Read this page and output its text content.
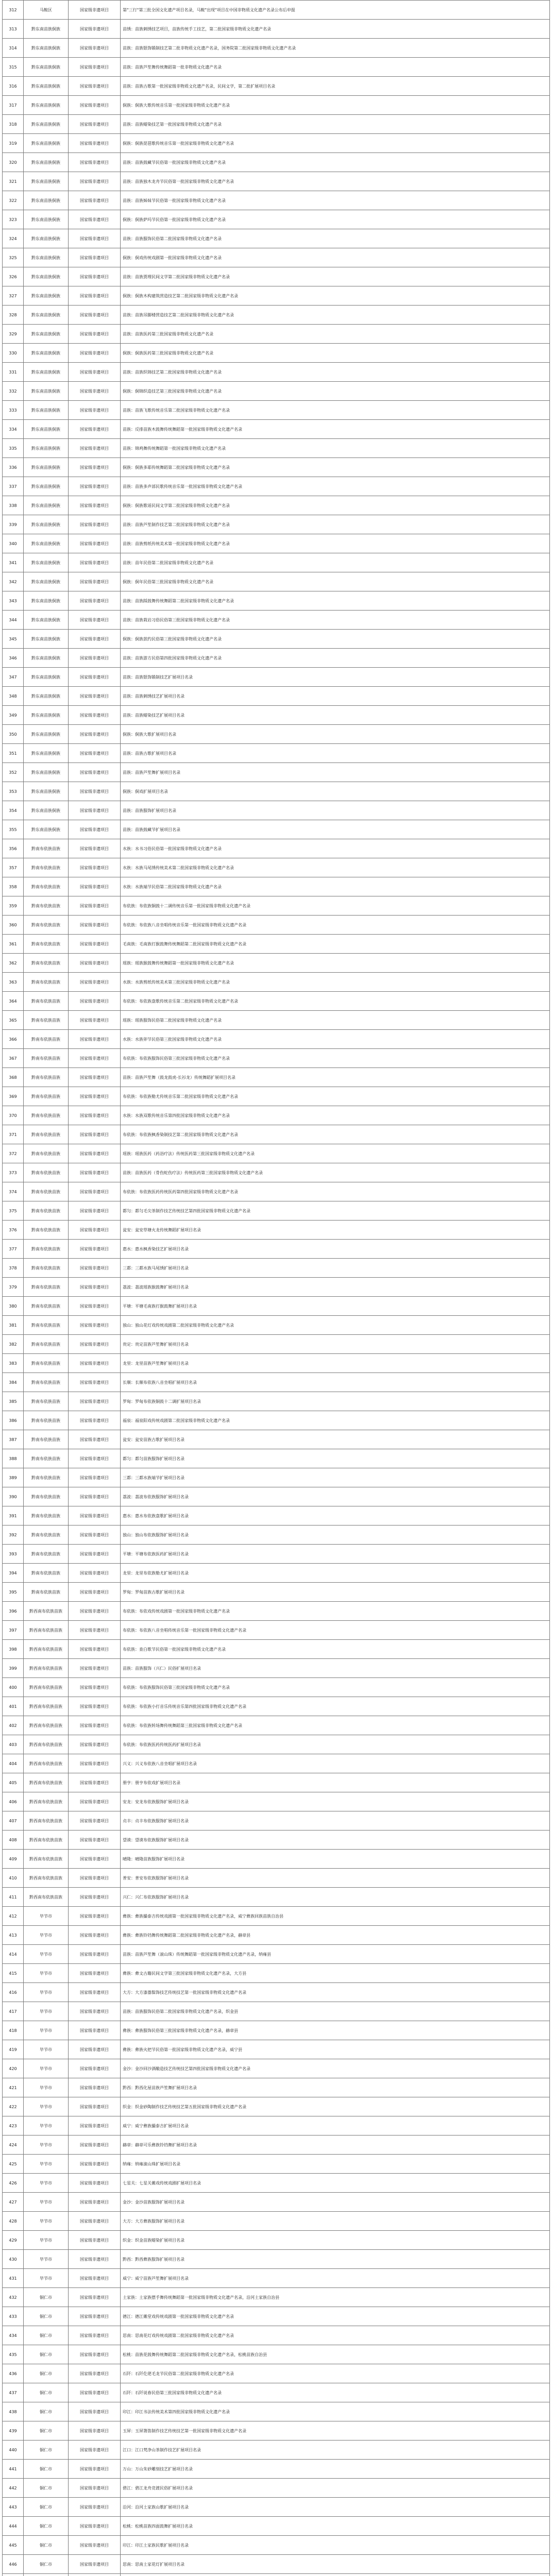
312	马鞍区	国家级非遗项目	第"三行"第三批全国文化遗产项目名录，马鞍"出现"项目在中国非物质文化遗产名录公布后申报
313	黔东南苗族侗族	国家级非遗项目	苗绣：苗族刺绣技艺项目，苗族传统手工技艺，第二批国家级非物质文化遗产名录
314	黔东南苗族侗族	国家级非遗项目	苗族：苗族银饰锻制技艺第二批非物质文化遗产名录，国务院第二批国家级非物质文化遗产名录
315	黔东南苗族侗族	国家级非遗项目	苗族：苗族芦笙舞传统舞蹈第一批非物质文化遗产名录
316	黔东南苗族侗族	国家级非遗项目	苗族：苗族古歌第一批国家级非物质文化遗产名录，民间文学，第二批扩展项目名录
317	黔东南苗族侗族	国家级非遗项目	侗族：侗族大歌传统音乐第一批国家级非物质文化遗产名录
318	黔东南苗族侗族	国家级非遗项目	苗族：苗族蜡染技艺第一批国家级非物质文化遗产名录
319	黔东南苗族侗族	国家级非遗项目	侗族：侗族琵琶歌传统音乐第一批国家级非物质文化遗产名录
320	黔东南苗族侗族	国家级非遗项目	苗族：苗族鼓藏节民俗第一批国家级非物质文化遗产名录
321	黔东南苗族侗族	国家级非遗项目	苗族：苗族独木龙舟节民俗第一批国家级非物质文化遗产名录
322	黔东南苗族侗族	国家级非遗项目	苗族：苗族姊妹节民俗第一批国家级非物质文化遗产名录
323	黔东南苗族侗族	国家级非遗项目	侗族：侗族萨玛节民俗第一批国家级非物质文化遗产名录
324	黔东南苗族侗族	国家级非遗项目	苗族：苗族服饰民俗第二批国家级非物质文化遗产名录
325	黔东南苗族侗族	国家级非遗项目	侗族：侗戏传统戏剧第一批国家级非物质文化遗产名录
326	黔东南苗族侗族	国家级非遗项目	苗族：苗族贾理民间文学第二批国家级非物质文化遗产名录
327	黔东南苗族侗族	国家级非遗项目	侗族：侗族木构建筑营造技艺第二批国家级非物质文化遗产名录
328	黔东南苗族侗族	国家级非遗项目	苗族：苗族吊脚楼营造技艺第二批国家级非物质文化遗产名录
329	黔东南苗族侗族	国家级非遗项目	苗族：苗族医药第三批国家级非物质文化遗产名录
330	黔东南苗族侗族	国家级非遗项目	侗族：侗族医药第三批国家级非物质文化遗产名录
331	黔东南苗族侗族	国家级非遗项目	苗族：苗族织锦技艺第二批国家级非物质文化遗产名录
332	黔东南苗族侗族	国家级非遗项目	侗族：侗锦织造技艺第三批国家级非物质文化遗产名录
333	黔东南苗族侗族	国家级非遗项目	苗族：苗族飞歌传统音乐第二批国家级非物质文化遗产名录
334	黔东南苗族侗族	国家级非遗项目	苗族：反排苗族木鼓舞传统舞蹈第一批国家级非物质文化遗产名录
335	黔东南苗族侗族	国家级非遗项目	苗族：锦鸡舞传统舞蹈第一批国家级非物质文化遗产名录
336	黔东南苗族侗族	国家级非遗项目	侗族：侗族多耶传统舞蹈第二批国家级非物质文化遗产名录
337	黔东南苗族侗族	国家级非遗项目	苗族：苗族多声部民歌传统音乐第一批国家级非物质文化遗产名录
338	黔东南苗族侗族	国家级非遗项目	侗族：侗族歌谣民间文学第二批国家级非物质文化遗产名录
339	黔东南苗族侗族	国家级非遗项目	苗族：苗族芦笙制作技艺第二批国家级非物质文化遗产名录
340	黔东南苗族侗族	国家级非遗项目	苗族：苗族剪纸传统美术第一批国家级非物质文化遗产名录
341	黔东南苗族侗族	国家级非遗项目	苗族：苗年民俗第二批国家级非物质文化遗产名录
342	黔东南苗族侗族	国家级非遗项目	侗族：侗年民俗第三批国家级非物质文化遗产名录
343	黔东南苗族侗族	国家级非遗项目	苗族：苗族踩鼓舞传统舞蹈第二批国家级非物质文化遗产名录
344	黔东南苗族侗族	国家级非遗项目	苗族：苗族栽岩习俗民俗第三批国家级非物质文化遗产名录
345	黔东南苗族侗族	国家级非遗项目	侗族：侗族款约民俗第三批国家级非物质文化遗产名录
346	黔东南苗族侗族	国家级非遗项目	苗族：苗族游方民俗第四批国家级非物质文化遗产名录
347	黔东南苗族侗族	国家级非遗项目	苗族：苗族银饰锻制技艺扩展项目名录
348	黔东南苗族侗族	国家级非遗项目	苗族：苗族刺绣技艺扩展项目名录
349	黔东南苗族侗族	国家级非遗项目	苗族：苗族蜡染技艺扩展项目名录
350	黔东南苗族侗族	国家级非遗项目	侗族：侗族大歌扩展项目名录
351	黔东南苗族侗族	国家级非遗项目	苗族：苗族古歌扩展项目名录
352	黔东南苗族侗族	国家级非遗项目	苗族：苗族芦笙舞扩展项目名录
353	黔东南苗族侗族	国家级非遗项目	侗族：侗戏扩展项目名录
354	黔东南苗族侗族	国家级非遗项目	苗族：苗族服饰扩展项目名录
355	黔东南苗族侗族	国家级非遗项目	苗族：苗族鼓藏节扩展项目名录
356	黔南布依族苗族	国家级非遗项目	水族：水书习俗民俗第一批国家级非物质文化遗产名录
357	黔南布依族苗族	国家级非遗项目	水族：水族马尾绣传统美术第二批国家级非物质文化遗产名录
358	黔南布依族苗族	国家级非遗项目	水族：水族端节民俗第二批国家级非物质文化遗产名录
359	黔南布依族苗族	国家级非遗项目	布依族：布依族铜鼓十二调传统音乐第一批国家级非物质文化遗产名录
360	黔南布依族苗族	国家级非遗项目	布依族：布依族八音坐唱传统音乐第一批国家级非物质文化遗产名录
361	黔南布依族苗族	国家级非遗项目	毛南族：毛南族打猴鼓舞传统舞蹈第二批国家级非物质文化遗产名录
362	黔南布依族苗族	国家级非遗项目	瑶族：瑶族猴鼓舞传统舞蹈第一批国家级非物质文化遗产名录
363	黔南布依族苗族	国家级非遗项目	水族：水族剪纸传统美术第三批国家级非物质文化遗产名录
364	黔南布依族苗族	国家级非遗项目	布依族：布依族盘歌传统音乐第二批国家级非物质文化遗产名录
365	黔南布依族苗族	国家级非遗项目	瑶族：瑶族服饰民俗第二批国家级非物质文化遗产名录
366	黔南布依族苗族	国家级非遗项目	水族：水族卯节民俗第三批国家级非物质文化遗产名录
367	黔南布依族苗族	国家级非遗项目	布依族：布依族服饰民俗第三批国家级非物质文化遗产名录
368	黔南布依族苗族	国家级非遗项目	苗族：苗族芦笙舞（鼓龙鼓虎-长衫龙）传统舞蹈扩展项目名录
369	黔南布依族苗族	国家级非遗项目	布依族：布依族勒尤传统音乐第二批国家级非物质文化遗产名录
370	黔南布依族苗族	国家级非遗项目	水族：水族双歌传统音乐第四批国家级非物质文化遗产名录
371	黔南布依族苗族	国家级非遗项目	布依族：布依族枫香染制技艺第二批国家级非物质文化遗产名录
372	黔南布依族苗族	国家级非遗项目	瑶族：瑶族医药（药浴疗法）传统医药第三批国家级非物质文化遗产名录
373	黔南布依族苗族	国家级非遗项目	苗族：苗族医药（骨伤蛇伤疗法）传统医药第三批国家级非物质文化遗产名录
374	黔南布依族苗族	国家级非遗项目	布依族：布依族医药传统医药第四批国家级非物质文化遗产名录
375	黔南布依族苗族	国家级非遗项目	都匀：都匀毛尖茶制作技艺传统技艺第四批国家级非物质文化遗产名录
376	黔南布依族苗族	国家级非遗项目	瓮安：瓮安草塘火龙传统舞蹈扩展项目名录
377	黔南布依族苗族	国家级非遗项目	惠水：惠水枫香染技艺扩展项目名录
378	黔南布依族苗族	国家级非遗项目	三都：三都水族马尾绣扩展项目名录
379	黔南布依族苗族	国家级非遗项目	荔波：荔波瑶族猴鼓舞扩展项目名录
380	黔南布依族苗族	国家级非遗项目	平塘：平塘毛南族打猴鼓舞扩展项目名录
381	黔南布依族苗族	国家级非遗项目	独山：独山花灯戏传统戏剧第二批国家级非物质文化遗产名录
382	黔南布依族苗族	国家级非遗项目	贵定：贵定苗族芦笙舞扩展项目名录
383	黔南布依族苗族	国家级非遗项目	龙里：龙里苗族芦笙舞扩展项目名录
384	黔南布依族苗族	国家级非遗项目	长顺：长顺布依族八音坐唱扩展项目名录
385	黔南布依族苗族	国家级非遗项目	罗甸：罗甸布依族铜鼓十二调扩展项目名录
386	黔南布依族苗族	国家级非遗项目	福泉：福泉阳戏传统戏剧第二批国家级非物质文化遗产名录
387	黔南布依族苗族	国家级非遗项目	瓮安：瓮安苗族古歌扩展项目名录
388	黔南布依族苗族	国家级非遗项目	都匀：都匀苗族服饰扩展项目名录
389	黔南布依族苗族	国家级非遗项目	三都：三都水族端节扩展项目名录
390	黔南布依族苗族	国家级非遗项目	荔波：荔波布依族服饰扩展项目名录
391	黔南布依族苗族	国家级非遗项目	惠水：惠水布依族盘歌扩展项目名录
392	黔南布依族苗族	国家级非遗项目	独山：独山布依族服饰扩展项目名录
393	黔南布依族苗族	国家级非遗项目	平塘：平塘布依族医药扩展项目名录
394	黔南布依族苗族	国家级非遗项目	龙里：龙里布依族勒尤扩展项目名录
395	黔南布依族苗族	国家级非遗项目	罗甸：罗甸苗族古歌扩展项目名录
396	黔西南布依族苗族	国家级非遗项目	布依族：布依戏传统戏剧第一批国家级非物质文化遗产名录
397	黔西南布依族苗族	国家级非遗项目	布依族：布依族八音坐唱传统音乐第一批国家级非物质文化遗产名录
398	黔西南布依族苗族	国家级非遗项目	布依族：查白歌节民俗第一批国家级非物质文化遗产名录
399	黔西南布依族苗族	国家级非遗项目	苗族：苗族服饰（兴仁）民俗扩展项目名录
400	黔西南布依族苗族	国家级非遗项目	布依族：布依族服饰民俗第三批国家级非物质文化遗产名录
401	黔西南布依族苗族	国家级非遗项目	布依族：布依族小打音乐传统音乐第四批国家级非物质文化遗产名录
402	黔西南布依族苗族	国家级非遗项目	布依族：布依族转场舞传统舞蹈第三批国家级非物质文化遗产名录
403	黔西南布依族苗族	国家级非遗项目	布依族：布依族医药传统医药扩展项目名录
404	黔西南布依族苗族	国家级非遗项目	兴义：兴义布依族八音坐唱扩展项目名录
405	黔西南布依族苗族	国家级非遗项目	册亨：册亨布依戏扩展项目名录
406	黔西南布依族苗族	国家级非遗项目	安龙：安龙布依族服饰扩展项目名录
407	黔西南布依族苗族	国家级非遗项目	贞丰：贞丰布依族服饰扩展项目名录
408	黔西南布依族苗族	国家级非遗项目	望谟：望谟布依族服饰扩展项目名录
409	黔西南布依族苗族	国家级非遗项目	晴隆：晴隆苗族服饰扩展项目名录
410	黔西南布依族苗族	国家级非遗项目	普安：普安布依族服饰扩展项目名录
411	黔西南布依族苗族	国家级非遗项目	兴仁：兴仁布依族服饰扩展项目名录
412	毕节市	国家级非遗项目	彝族：彝族撮泰吉传统戏剧第一批国家级非物质文化遗产名录，威宁彝族回族苗族自治县
413	毕节市	国家级非遗项目	彝族：彝族铃铛舞传统舞蹈第二批国家级非物质文化遗产名录，赫章县
414	毕节市	国家级非遗项目	苗族：苗族芦笙舞（滚山珠）传统舞蹈第一批国家级非物质文化遗产名录，纳雍县
415	毕节市	国家级非遗项目	彝族：彝文古籍民间文学第三批国家级非物质文化遗产名录，大方县
416	毕节市	国家级非遗项目	大方：大方漆器髹饰技艺传统技艺第一批国家级非物质文化遗产名录
417	毕节市	国家级非遗项目	苗族：苗族服饰民俗第二批国家级非物质文化遗产名录，织金县
418	毕节市	国家级非遗项目	彝族：彝族服饰民俗第三批国家级非物质文化遗产名录，赫章县
419	毕节市	国家级非遗项目	彝族：彝族火把节民俗第一批国家级非物质文化遗产名录，威宁县
420	毕节市	国家级非遗项目	金沙：金沙回沙酒酿造技艺传统技艺第四批国家级非物质文化遗产名录
421	毕节市	国家级非遗项目	黔西：黔西化屋苗族芦笙舞扩展项目名录
422	毕节市	国家级非遗项目	织金：织金砂陶制作技艺传统技艺第五批国家级非物质文化遗产名录
423	毕节市	国家级非遗项目	威宁：威宁彝族撮泰吉扩展项目名录
424	毕节市	国家级非遗项目	赫章：赫章可乐彝族铃铛舞扩展项目名录
425	毕节市	国家级非遗项目	纳雍：纳雍滚山珠扩展项目名录
426	毕节市	国家级非遗项目	七星关：七星关傩戏传统戏剧扩展项目名录
427	毕节市	国家级非遗项目	金沙：金沙苗族服饰扩展项目名录
428	毕节市	国家级非遗项目	大方：大方彝族服饰扩展项目名录
429	毕节市	国家级非遗项目	织金：织金苗族蜡染扩展项目名录
430	毕节市	国家级非遗项目	黔西：黔西彝族服饰扩展项目名录
431	毕节市	国家级非遗项目	威宁：威宁苗族芦笙舞扩展项目名录
432	铜仁市	国家级非遗项目	土家族：土家族摆手舞传统舞蹈第一批国家级非物质文化遗产名录，沿河土家族自治县
433	铜仁市	国家级非遗项目	德江：德江傩堂戏传统戏剧第一批国家级非物质文化遗产名录
434	铜仁市	国家级非遗项目	思南：思南花灯戏传统戏剧第二批国家级非物质文化遗产名录
435	铜仁市	国家级非遗项目	松桃：苗族花鼓舞传统舞蹈第二批国家级非物质文化遗产名录，松桃苗族自治县
436	铜仁市	国家级非遗项目	石阡：石阡仡佬毛龙节民俗第二批国家级非物质文化遗产名录
437	铜仁市	国家级非遗项目	石阡：石阡说春民俗第三批国家级非物质文化遗产名录
438	铜仁市	国家级非遗项目	印江：印江书法传统美术第四批国家级非物质文化遗产名录
439	铜仁市	国家级非遗项目	玉屏：玉屏箫笛制作技艺传统技艺第一批国家级非物质文化遗产名录
440	铜仁市	国家级非遗项目	江口：江口梵净山茶制作技艺扩展项目名录
441	铜仁市	国家级非遗项目	万山：万山朱砂雕刻技艺扩展项目名录
442	铜仁市	国家级非遗项目	碧江：碧江龙舟竞渡民俗扩展项目名录
443	铜仁市	国家级非遗项目	沿河：沿河土家族山歌扩展项目名录
444	铜仁市	国家级非遗项目	松桃：松桃苗族四面鼓舞扩展项目名录
445	铜仁市	国家级非遗项目	印江：印江土家族民歌扩展项目名录
446	铜仁市	国家级非遗项目	思南：思南土家花灯扩展项目名录
